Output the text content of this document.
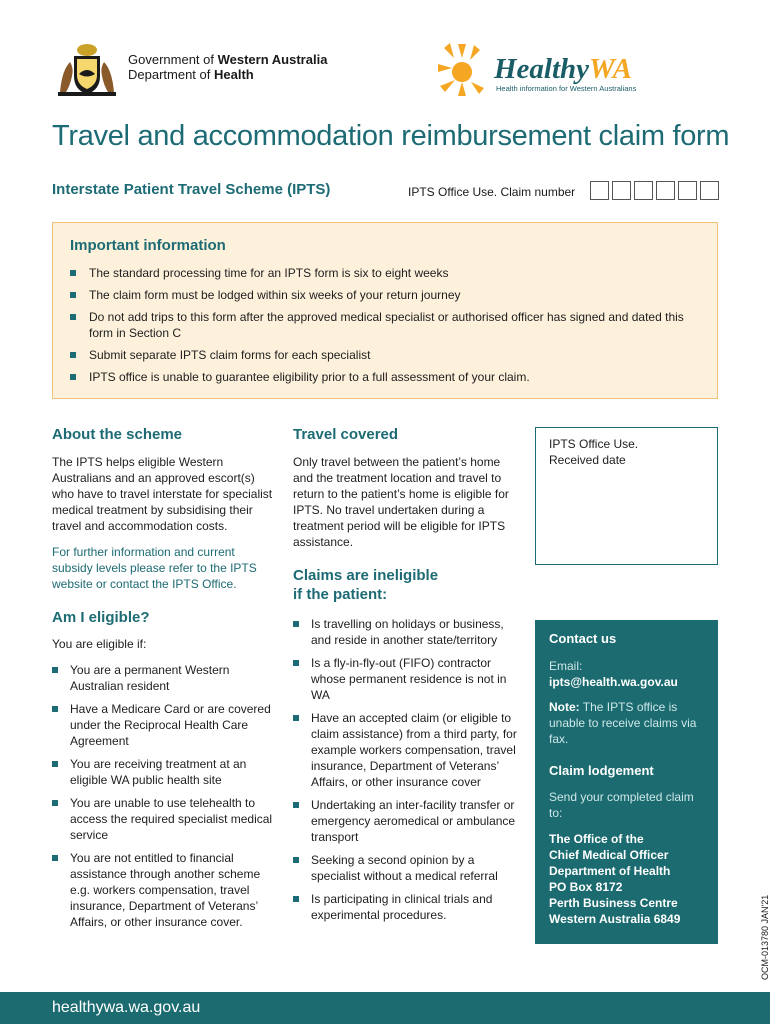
Government of Western Australia
Department of Health	HealthyWA
Health information for Western Australians
Travel and accommodation reimbursement claim form
Interstate Patient Travel Scheme (IPTS)	IPTS Office Use. Claim number
Important information
The standard processing time for an IPTS form is six to eight weeks
The claim form must be lodged within six weeks of your return journey
Do not add trips to this form after the approved medical specialist or authorised officer has signed and dated this form in Section C
Submit separate IPTS claim forms for each specialist
IPTS office is unable to guarantee eligibility prior to a full assessment of your claim.
About the scheme

The IPTS helps eligible Western Australians and an approved escort(s) who have to travel interstate for specialist medical treatment by subsidising their travel and accommodation costs.

For further information and current subsidy levels please refer to the IPTS website or contact the IPTS Office.

Am I eligible?

You are eligible if:

You are a permanent Western Australian resident
Have a Medicare Card or are covered under the Reciprocal Health Care Agreement
You are receiving treatment at an eligible WA public health site
You are unable to use telehealth to access the required specialist medical service
You are not entitled to financial assistance through another scheme e.g. workers compensation, travel insurance, Department of Veterans’ Affairs, or other insurance cover.
Travel covered

Only travel between the patient’s home and the treatment location and travel to return to the patient’s home is eligible for IPTS. No travel undertaken during a treatment period will be eligible for IPTS assistance.

Claims are ineligible
if the patient:
Is travelling on holidays or business, and reside in another state/territory
Is a fly-in-fly-out (FIFO) contractor whose permanent residence is not in WA
Have an accepted claim (or eligible to claim assistance) from a third party, for example workers compensation, travel insurance, Department of Veterans’ Affairs, or other insurance cover
Undertaking an inter-facility transfer or emergency aeromedical or ambulance transport
Seeking a second opinion by a specialist without a medical referral
Is participating in clinical trials and experimental procedures.
IPTS Office Use. Received date
Contact us

Email:

ipts@health.wa.gov.au

Note: The IPTS office is unable to receive claims via fax.

Claim lodgement

Send your completed claim to:

The Office of the
Chief Medical Officer
Department of Health
PO Box 8172
Perth Business Centre
Western Australia 6849	OCM-013780 JAN'21
healthywa.wa.gov.au
